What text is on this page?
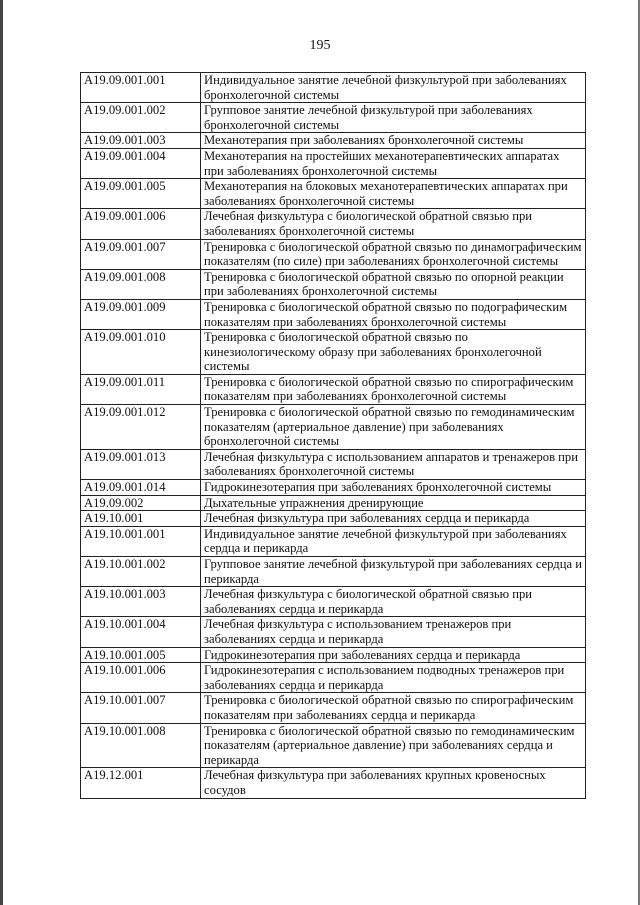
195
A19.09.001.001	Индивидуальное занятие лечебной физкультурой при заболеваниях бронхолегочной системы
A19.09.001.002	Групповое занятие лечебной физкультурой при заболеваниях бронхолегочной системы
A19.09.001.003	Механотерапия при заболеваниях бронхолегочной системы
A19.09.001.004	Механотерапия на простейших механотерапевтических аппаратах при заболеваниях бронхолегочной системы
A19.09.001.005	Механотерапия на блоковых механотерапевтических аппаратах при заболеваниях бронхолегочной системы
A19.09.001.006	Лечебная физкультура с биологической обратной связью при заболеваниях бронхолегочной системы
A19.09.001.007	Тренировка с биологической обратной связью по динамографическим показателям (по силе) при заболеваниях бронхолегочной системы
A19.09.001.008	Тренировка с биологической обратной связью по опорной реакции при заболеваниях бронхолегочной системы
A19.09.001.009	Тренировка с биологической обратной связью по подографическим показателям при заболеваниях бронхолегочной системы
A19.09.001.010	Тренировка с биологической обратной связью по кинезиологическому образу при заболеваниях бронхолегочной системы
A19.09.001.011	Тренировка с биологической обратной связью по спирографическим показателям при заболеваниях бронхолегочной системы
A19.09.001.012	Тренировка с биологической обратной связью по гемодинамическим показателям (артериальное давление) при заболеваниях бронхолегочной системы
A19.09.001.013	Лечебная физкультура с использованием аппаратов и тренажеров при заболеваниях бронхолегочной системы
A19.09.001.014	Гидрокинезотерапия при заболеваниях бронхолегочной системы
A19.09.002	Дыхательные упражнения дренирующие
A19.10.001	Лечебная физкультура при заболеваниях сердца и перикарда
A19.10.001.001	Индивидуальное занятие лечебной физкультурой при заболеваниях сердца и перикарда
A19.10.001.002	Групповое занятие лечебной физкультурой при заболеваниях сердца и перикарда
A19.10.001.003	Лечебная физкультура с биологической обратной связью при заболеваниях сердца и перикарда
A19.10.001.004	Лечебная физкультура с использованием тренажеров при заболеваниях сердца и перикарда
A19.10.001.005	Гидрокинезотерапия при заболеваниях сердца и перикарда
A19.10.001.006	Гидрокинезотерапия с использованием подводных тренажеров при заболеваниях сердца и перикарда
A19.10.001.007	Тренировка с биологической обратной связью по спирографическим показателям при заболеваниях сердца и перикарда
A19.10.001.008	Тренировка с биологической обратной связью по гемодинамическим показателям (артериальное давление) при заболеваниях сердца и перикарда
A19.12.001	Лечебная физкультура при заболеваниях крупных кровеносных сосудов
